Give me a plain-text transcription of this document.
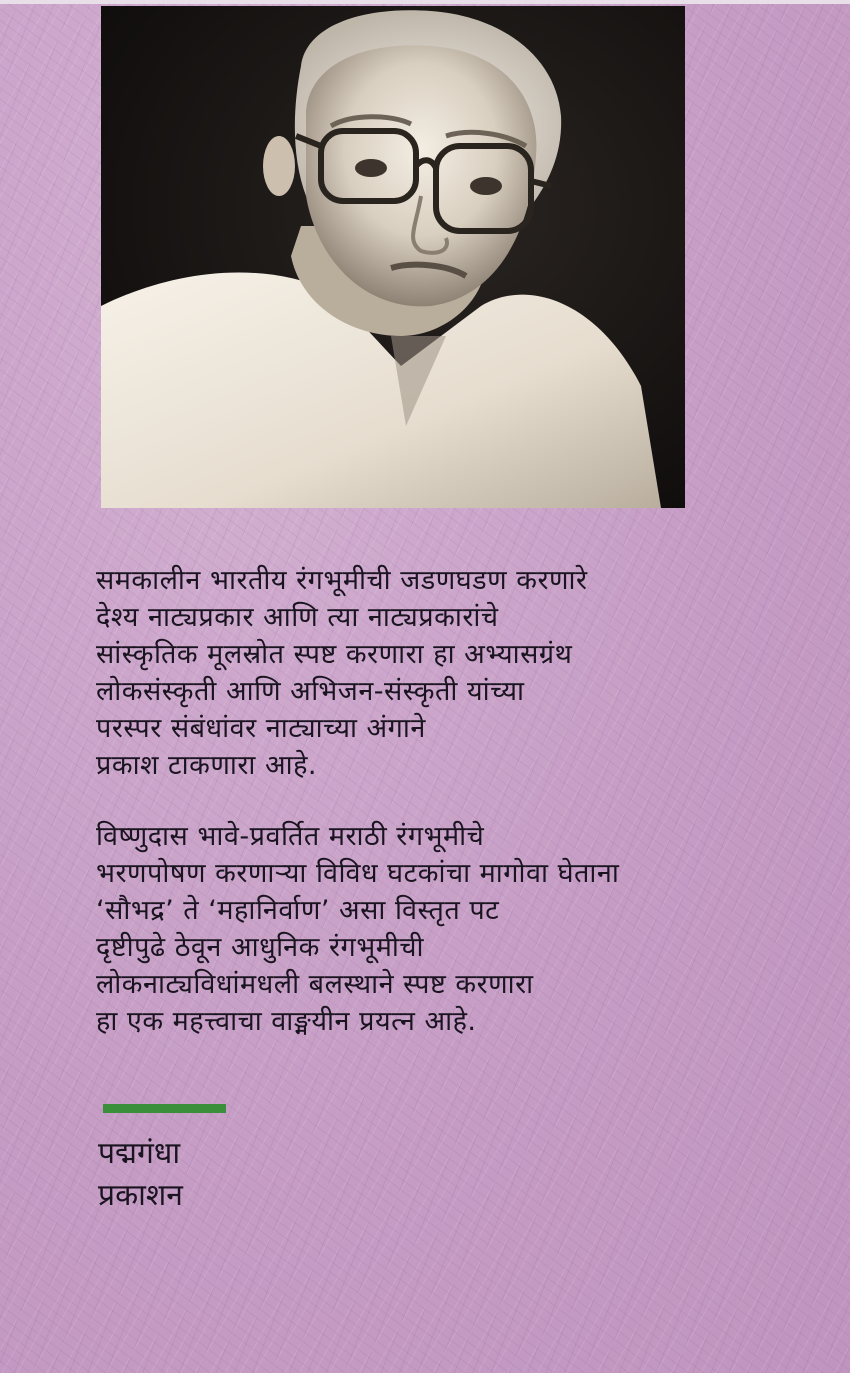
समकालीन भारतीय रंगभूमीची जडणघडण करणारे
देश्य नाट्यप्रकार आणि त्या नाट्यप्रकारांचे
सांस्कृतिक मूलस्रोत स्पष्ट करणारा हा अभ्यासग्रंथ
लोकसंस्कृती आणि अभिजन-संस्कृती यांच्या
परस्पर संबंधांवर नाट्याच्या अंगाने
प्रकाश टाकणारा आहे.
विष्णुदास भावे-प्रवर्तित मराठी रंगभूमीचे
भरणपोषण करणाऱ्या विविध घटकांचा मागोवा घेताना
‘सौभद्र’ ते ‘महानिर्वाण’ असा विस्तृत पट
दृष्टीपुढे ठेवून आधुनिक रंगभूमीची
लोकनाट्यविधांमधली बलस्थाने स्पष्ट करणारा
हा एक महत्त्वाचा वाङ्मयीन प्रयत्न आहे.
पद्मगंधा
प्रकाशन
